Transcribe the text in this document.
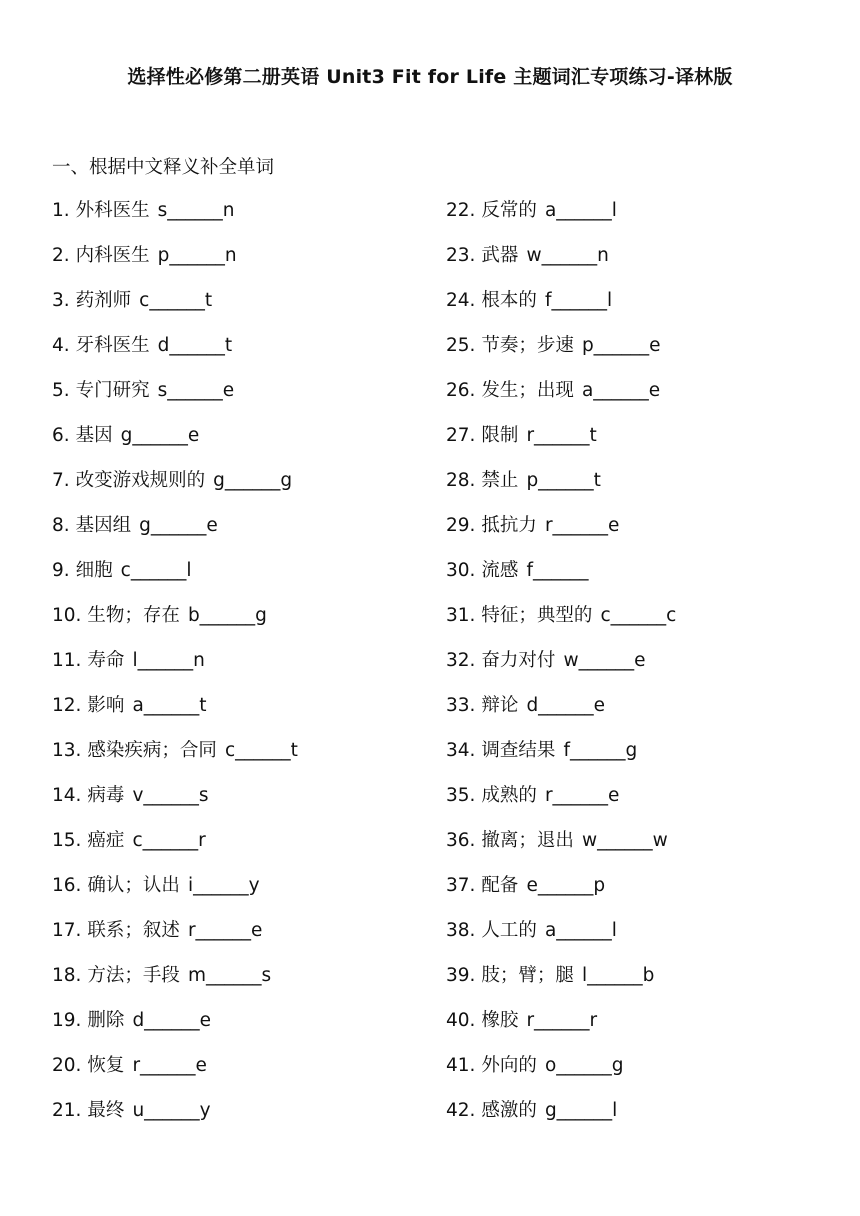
选择性必修第二册英语 Unit3 Fit for Life 主题词汇专项练习-译林版
一、根据中文释义补全单词
1. 外科医生 s______n
2. 内科医生 p______n
3. 药剂师 c______t
4. 牙科医生 d______t
5. 专门研究 s______e
6. 基因 g______e
7. 改变游戏规则的 g______g
8. 基因组 g______e
9. 细胞 c______l
10. 生物；存在 b______g
11. 寿命 l______n
12. 影响 a______t
13. 感染疾病；合同 c______t
14. 病毒 v______s
15. 癌症 c______r
16. 确认；认出 i______y
17. 联系；叙述 r______e
18. 方法；手段 m______s
19. 删除 d______e
20. 恢复 r______e
21. 最终 u______y
22. 反常的 a______l
23. 武器 w______n
24. 根本的 f______l
25. 节奏；步速 p______e
26. 发生；出现 a______e
27. 限制 r______t
28. 禁止 p______t
29. 抵抗力 r______e
30. 流感 f______
31. 特征；典型的 c______c
32. 奋力对付 w______e
33. 辩论 d______e
34. 调查结果 f______g
35. 成熟的 r______e
36. 撤离；退出 w______w
37. 配备 e______p
38. 人工的 a______l
39. 肢；臂；腿 l______b
40. 橡胶 r______r
41. 外向的 o______g
42. 感激的 g______l
